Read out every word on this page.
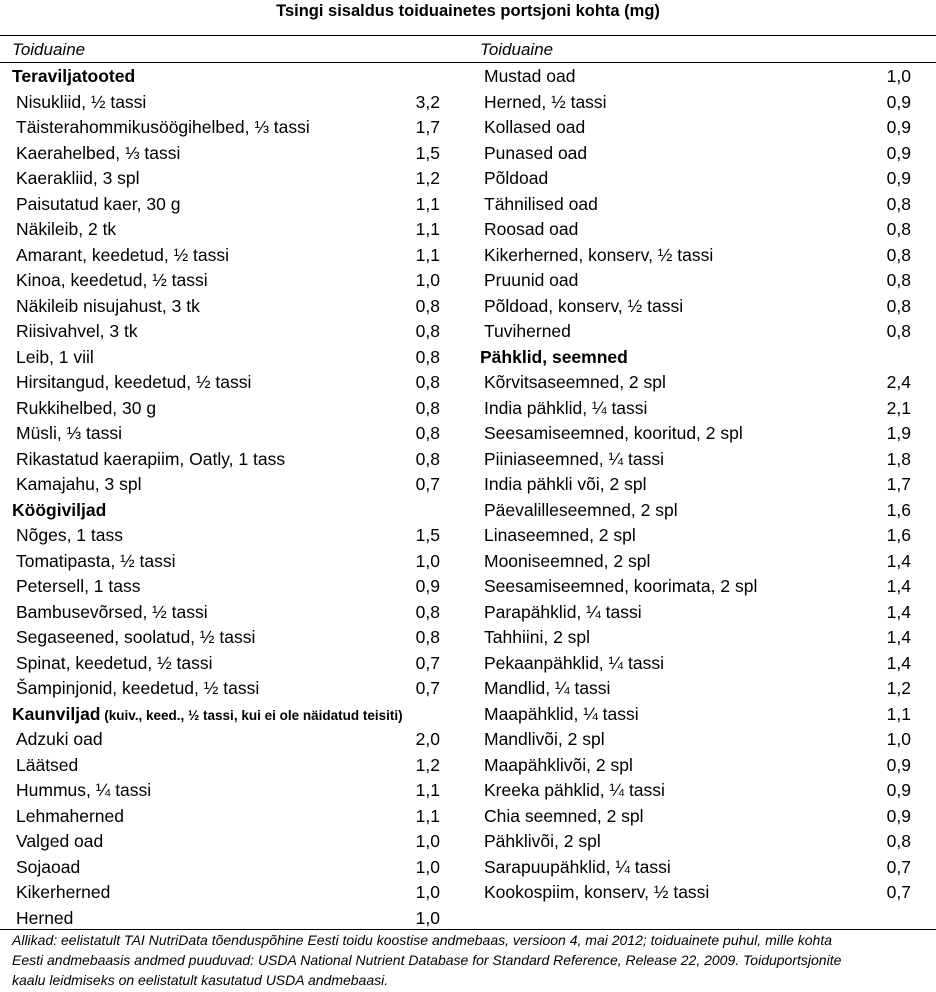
Tsingi sisaldus toiduainetes portsjoni kohta (mg)
Toiduaine	Toiduaine
Teraviljatooted
Nisukliid, ½ tassi	3,2
Täisterahommikusöögihelbed, ⅓ tassi	1,7
Kaerahelbed, ⅓ tassi	1,5
Kaerakliid, 3 spl	1,2
Paisutatud kaer, 30 g	1,1
Näkileib, 2 tk	1,1
Amarant, keedetud, ½ tassi	1,1
Kinoa, keedetud, ½ tassi	1,0
Näkileib nisujahust, 3 tk	0,8
Riisivahvel, 3 tk	0,8
Leib, 1 viil	0,8
Hirsitangud, keedetud, ½ tassi	0,8
Rukkihelbed, 30 g	0,8
Müsli, ⅓ tassi	0,8
Rikastatud kaerapiim, Oatly, 1 tass	0,8
Kamajahu, 3 spl	0,7
Köögiviljad
Nõges, 1 tass	1,5
Tomatipasta, ½ tassi	1,0
Petersell, 1 tass	0,9
Bambusevõrsed, ½ tassi	0,8
Segaseened, soolatud, ½ tassi	0,8
Spinat, keedetud, ½ tassi	0,7
Šampinjonid, keedetud, ½ tassi	0,7
Kaunviljad (kuiv., keed., ½ tassi, kui ei ole näidatud teisiti)
Adzuki oad	2,0
Läätsed	1,2
Hummus, ¼ tassi	1,1
Lehmaherned	1,1
Valged oad	1,0
Sojaoad	1,0
Kikerherned	1,0
Herned	1,0
Mustad oad	1,0
Herned, ½ tassi	0,9
Kollased oad	0,9
Punased oad	0,9
Põldoad	0,9
Tähnilised oad	0,8
Roosad oad	0,8
Kikerherned, konserv, ½ tassi	0,8
Pruunid oad	0,8
Põldoad, konserv, ½ tassi	0,8
Tuviherned	0,8
Pähklid, seemned
Kõrvitsaseemned, 2 spl	2,4
India pähklid, ¼ tassi	2,1
Seesamiseemned, kooritud, 2 spl	1,9
Piiniaseemned, ¼ tassi	1,8
India pähkli või, 2 spl	1,7
Päevalilleseemned, 2 spl	1,6
Linaseemned, 2 spl	1,6
Mooniseemned, 2 spl	1,4
Seesamiseemned, koorimata, 2 spl	1,4
Parapähklid, ¼ tassi	1,4
Tahhiini, 2 spl	1,4
Pekaanpähklid, ¼ tassi	1,4
Mandlid, ¼ tassi	1,2
Maapähklid, ¼ tassi	1,1
Mandlivõi, 2 spl	1,0
Maapähklivõi, 2 spl	0,9
Kreeka pähklid, ¼ tassi	0,9
Chia seemned, 2 spl	0,9
Pähklivõi, 2 spl	0,8
Sarapuupähklid, ¼ tassi	0,7
Kookospiim, konserv, ½ tassi	0,7
Allikad: eelistatult TAI NutriData tõenduspõhine Eesti toidu koostise andmebaas, versioon 4, mai 2012; toiduainete puhul, mille kohta
Eesti andmebaasis andmed puuduvad: USDA National Nutrient Database for Standard Reference, Release 22, 2009. Toiduportsjonite
kaalu leidmiseks on eelistatult kasutatud USDA andmebaasi.
